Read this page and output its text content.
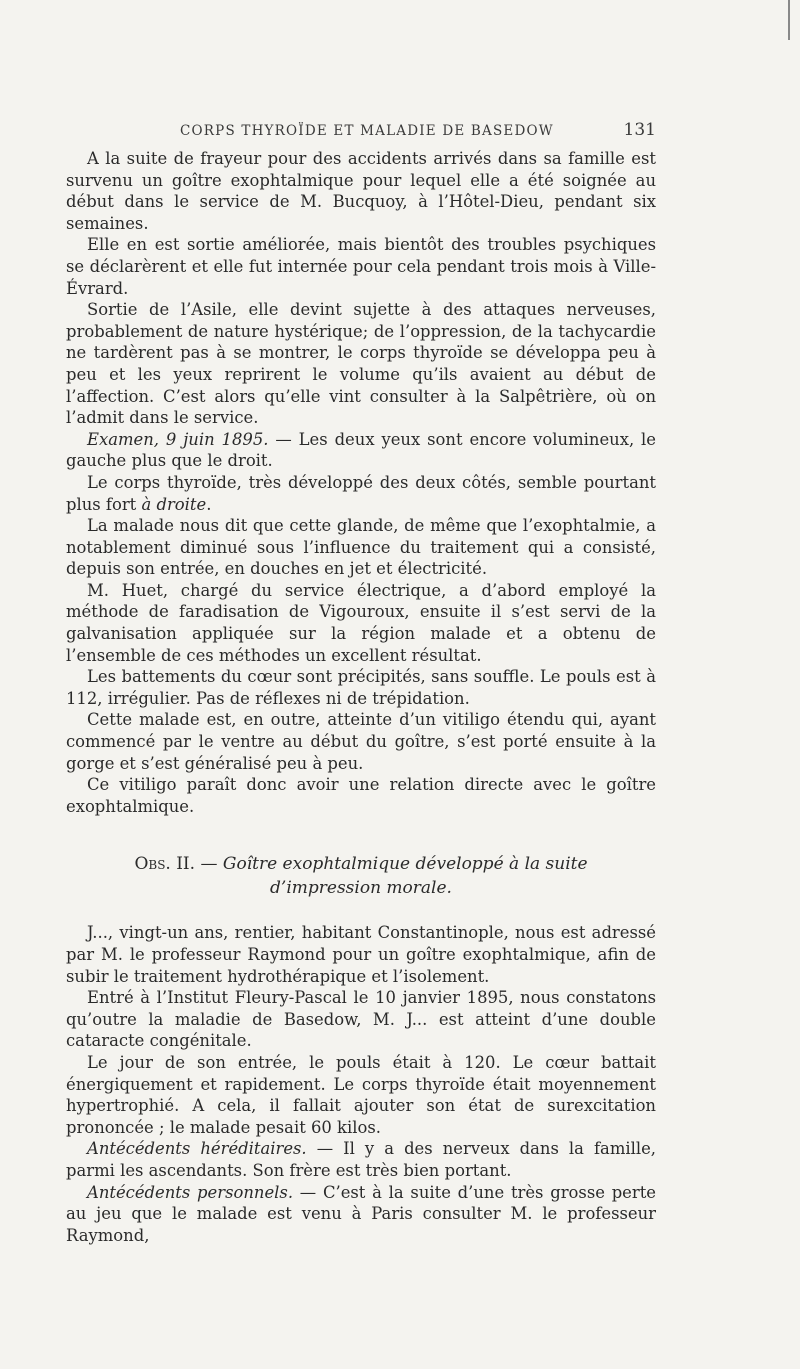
CORPS THYROÏDE ET MALADIE DE BASEDOW	131

A la suite de frayeur pour des accidents arrivés dans sa famille est survenu un goître exophtalmique pour lequel elle a été soignée au début dans le service de M. Bucquoy, à l’Hôtel-Dieu, pendant six semaines.

Elle en est sortie améliorée, mais bientôt des troubles psychiques se déclarèrent et elle fut internée pour cela pendant trois mois à Ville-Évrard.

Sortie de l’Asile, elle devint sujette à des attaques nerveuses, probablement de nature hystérique; de l’oppression, de la tachycardie ne tardèrent pas à se montrer, le corps thyroïde se développa peu à peu et les yeux reprirent le volume qu’ils avaient au début de l’affection. C’est alors qu’elle vint consulter à la Salpêtrière, où on l’admit dans le service.

Examen, 9 juin 1895. — Les deux yeux sont encore volumineux, le gauche plus que le droit.

Le corps thyroïde, très développé des deux côtés, semble pourtant plus fort à droite.

La malade nous dit que cette glande, de même que l’exophtalmie, a notablement diminué sous l’influence du traitement qui a consisté, depuis son entrée, en douches en jet et électricité.

M. Huet, chargé du service électrique, a d’abord employé la méthode de faradisation de Vigouroux, ensuite il s’est servi de la galvanisation appliquée sur la région malade et a obtenu de l’ensemble de ces méthodes un excellent résultat.

Les battements du cœur sont précipités, sans souffle. Le pouls est à 112, irrégulier. Pas de réflexes ni de trépidation.

Cette malade est, en outre, atteinte d’un vitiligo étendu qui, ayant commencé par le ventre au début du goître, s’est porté ensuite à la gorge et s’est généralisé peu à peu.

Ce vitiligo paraît donc avoir une relation directe avec le goître exophtalmique.

Obs. II. — Goître exophtalmique développé à la suite
d’impression morale.

J..., vingt-un ans, rentier, habitant Constantinople, nous est adressé par M. le professeur Raymond pour un goître exophtalmique, afin de subir le traitement hydrothérapique et l’isolement.

Entré à l’Institut Fleury-Pascal le 10 janvier 1895, nous constatons qu’outre la maladie de Basedow, M. J... est atteint d’une double cataracte congénitale.

Le jour de son entrée, le pouls était à 120. Le cœur battait énergiquement et rapidement. Le corps thyroïde était moyennement hypertrophié. A cela, il fallait ajouter son état de surexcitation prononcée ; le malade pesait 60 kilos.

Antécédents héréditaires. — Il y a des nerveux dans la famille, parmi les ascendants. Son frère est très bien portant.

Antécédents personnels. — C’est à la suite d’une très grosse perte au jeu que le malade est venu à Paris consulter M. le professeur Raymond,
